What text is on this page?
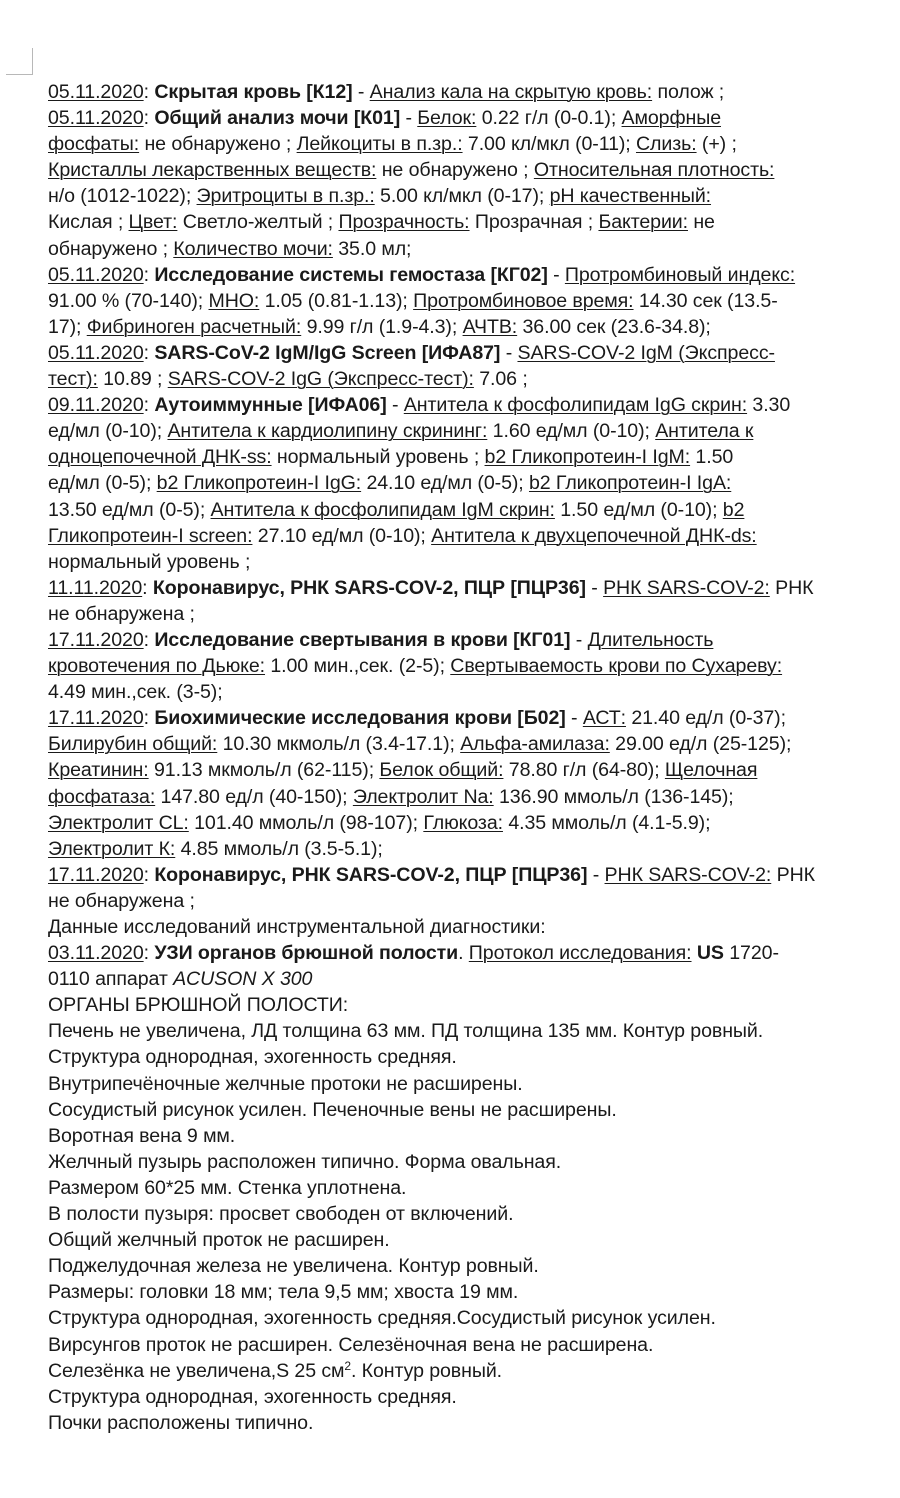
05.11.2020: Скрытая кровь [К12] - Анализ кала на скрытую кровь: полож ;
05.11.2020: Общий анализ мочи [К01] - Белок: 0.22 г/л (0-0.1); Аморфные
фосфаты: не обнаружено ; Лейкоциты в п.зр.: 7.00 кл/мкл (0-11); Слизь: (+) ;
Кристаллы лекарственных веществ: не обнаружено ; Относительная плотность:
н/о (1012-1022); Эритроциты в п.зр.: 5.00 кл/мкл (0-17); pH качественный:
Кислая ; Цвет: Светло-желтый ; Прозрачность: Прозрачная ; Бактерии: не
обнаружено ; Количество мочи: 35.0 мл;
05.11.2020: Исследование системы гемостаза [КГ02] - Протромбиновый индекс:
91.00 % (70-140); МНО: 1.05 (0.81-1.13); Протромбиновое время: 14.30 сек (13.5-
17); Фибриноген расчетный: 9.99 г/л (1.9-4.3); АЧТВ: 36.00 сек (23.6-34.8);
05.11.2020: SARS-CoV-2 IgM/IgG Screen [ИФА87] - SARS-COV-2 IgM (Экспресс-
тест): 10.89 ; SARS-COV-2 IgG (Экспресс-тест): 7.06 ;
09.11.2020: Аутоиммунные [ИФА06] - Антитела к фосфолипидам IgG скрин: 3.30
ед/мл (0-10); Антитела к кардиолипину скрининг: 1.60 ед/мл (0-10); Антитела к
одноцепочечной ДНК-ss: нормальный уровень ; b2 Гликопротеин-I IgM: 1.50
ед/мл (0-5); b2 Гликопротеин-I IgG: 24.10 ед/мл (0-5); b2 Гликопротеин-I IgA:
13.50 ед/мл (0-5); Антитела к фосфолипидам IgM скрин: 1.50 ед/мл (0-10); b2
Гликопротеин-I screen: 27.10 ед/мл (0-10); Антитела к двухцепочечной ДНК-ds:
нормальный уровень ;
11.11.2020: Коронавирус, РНК SARS-COV-2, ПЦР [ПЦР36] - РНК SARS-COV-2: РНК
не обнаружена ;
17.11.2020: Исследование свертывания в крови [КГ01] - Длительность
кровотечения по Дьюке: 1.00 мин.,сек. (2-5); Свертываемость крови по Сухареву:
4.49 мин.,сек. (3-5);
17.11.2020: Биохимические исследования крови [Б02] - АСТ: 21.40 ед/л (0-37);
Билирубин общий: 10.30 мкмоль/л (3.4-17.1); Альфа-амилаза: 29.00 ед/л (25-125);
Креатинин: 91.13 мкмоль/л (62-115); Белок общий: 78.80 г/л (64-80); Щелочная
фосфатаза: 147.80 ед/л (40-150); Электролит Na: 136.90 ммоль/л (136-145);
Электролит CL: 101.40 ммоль/л (98-107); Глюкоза: 4.35 ммоль/л (4.1-5.9);
Электролит К: 4.85 ммоль/л (3.5-5.1);
17.11.2020: Коронавирус, РНК SARS-COV-2, ПЦР [ПЦР36] - РНК SARS-COV-2: РНК
не обнаружена ;
Данные исследований инструментальной диагностики:
03.11.2020: УЗИ органов брюшной полости. Протокол исследования: US 1720-
0110 аппарат ACUSON X 300
ОРГАНЫ БРЮШНОЙ ПОЛОСТИ:
Печень не увеличена, ЛД толщина 63 мм. ПД толщина 135 мм. Контур ровный.
Структура однородная, эхогенность средняя.
Внутрипечёночные желчные протоки не расширены.
Сосудистый рисунок усилен. Печеночные вены не расширены.
Воротная вена 9 мм.
Желчный пузырь расположен типично. Форма овальная.
Размером 60*25 мм. Стенка уплотнена.
В полости пузыря: просвет свободен от включений.
Общий желчный проток не расширен.
Поджелудочная железа не увеличена. Контур ровный.
Размеры: головки 18 мм; тела 9,5 мм; хвоста 19 мм.
Структура однородная, эхогенность средняя.Сосудистый рисунок усилен.
Вирсунгов проток не расширен. Селезёночная вена не расширена.
Селезёнка не увеличена,S 25 $см^2$. Контур ровный.
Структура однородная, эхогенность средняя.
Почки расположены типично.
